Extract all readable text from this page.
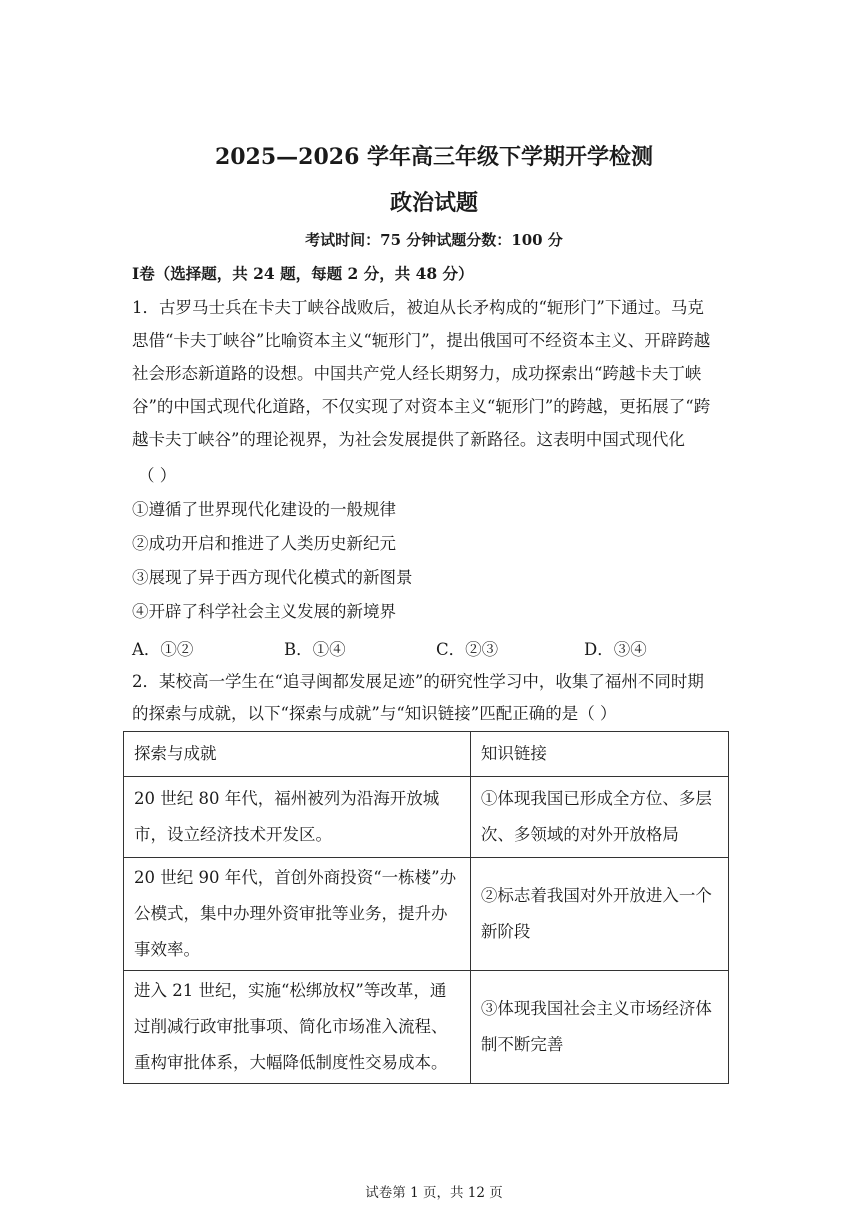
2025—2026 学年高三年级下学期开学检测
政治试题
考试时间：75 分钟试题分数：100 分
Ⅰ卷（选择题，共 24 题，每题 2 分，共 48 分）
1．古罗马士兵在卡夫丁峡谷战败后，被迫从长矛构成的“轭形门”下通过。马克
思借“卡夫丁峡谷”比喻资本主义“轭形门”，提出俄国可不经资本主义、开辟跨越
社会形态新道路的设想。中国共产党人经长期努力，成功探索出“跨越卡夫丁峡
谷”的中国式现代化道路，不仅实现了对资本主义“轭形门”的跨越，更拓展了“跨
越卡夫丁峡谷”的理论视界，为社会发展提供了新路径。这表明中国式现代化
（ ）
①遵循了世界现代化建设的一般规律
②成功开启和推进了人类历史新纪元
③展现了异于西方现代化模式的新图景
④开辟了科学社会主义发展的新境界
A．①②	B．①④	C．②③	D．③④
2．某校高一学生在“追寻闽都发展足迹”的研究性学习中，收集了福州不同时期
的探索与成就，以下“探索与成就”与“知识链接”匹配正确的是（ ）
探索与成就	知识链接
20 世纪 80 年代，福州被列为沿海开放城市，设立经济技术开发区。	①体现我国已形成全方位、多层次、多领域的对外开放格局
20 世纪 90 年代，首创外商投资“一栋楼”办公模式，集中办理外资审批等业务，提升办事效率。	②标志着我国对外开放进入一个新阶段
进入 21 世纪，实施“松绑放权”等改革，通过削减行政审批事项、简化市场准入流程、重构审批体系，大幅降低制度性交易成本。	③体现我国社会主义市场经济体制不断完善
试卷第 1 页，共 12 页
